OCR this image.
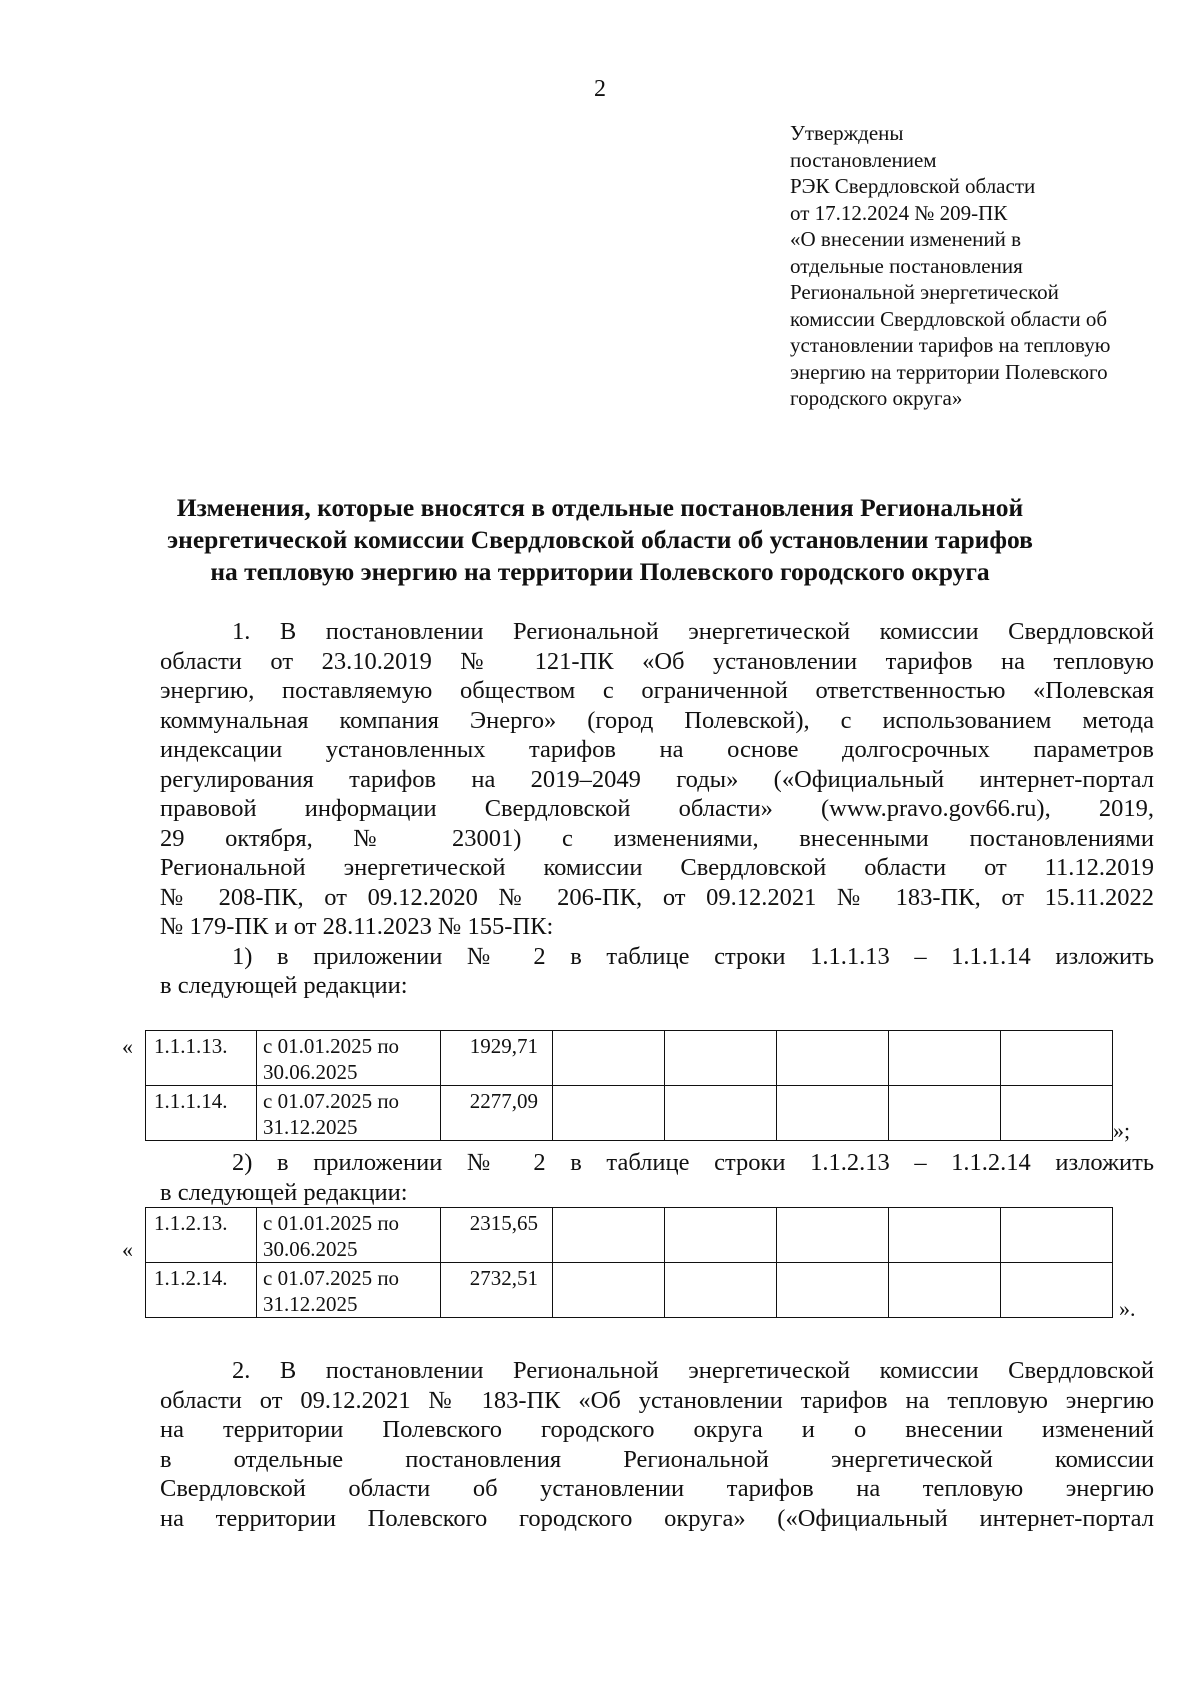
2
Утверждены
постановлением
РЭК Свердловской области
от 17.12.2024 № 209-ПК
«О внесении изменений в
отдельные постановления
Региональной энергетической
комиссии Свердловской области об
установлении тарифов на тепловую
энергию на территории Полевского
городского округа»
Изменения, которые вносятся в отдельные постановления Региональной
энергетической комиссии Свердловской области об установлении тарифов
на тепловую энергию на территории Полевского городского округа
1. В постановлении Региональной энергетической комиссии Свердловской
области от 23.10.2019 № 121-ПК «Об установлении тарифов на тепловую
энергию, поставляемую обществом с ограниченной ответственностью «Полевская
коммунальная компания Энерго» (город Полевской), с использованием метода
индексации установленных тарифов на основе долгосрочных параметров
регулирования тарифов на 2019–2049 годы» («Официальный интернет-портал
правовой информации Свердловской области» (www.pravo.gov66.ru), 2019,
29 октября, № 23001) с изменениями, внесенными постановлениями
Региональной энергетической комиссии Свердловской области от 11.12.2019
№ 208-ПК, от 09.12.2020 № 206-ПК, от 09.12.2021 № 183-ПК, от 15.11.2022
№ 179-ПК и от 28.11.2023 № 155-ПК:
1) в приложении № 2 в таблице строки 1.1.1.13 – 1.1.1.14 изложить
в следующей редакции:
« 1.1.1.13.	с 01.01.2025 по
30.06.2025	1929,71					
1.1.1.14.	с 01.07.2025 по
31.12.2025	2277,09					
»;
2) в приложении № 2 в таблице строки 1.1.2.13 – 1.1.2.14 изложить
в следующей редакции:
«
1.1.2.13.	с 01.01.2025 по
30.06.2025	2315,65					
1.1.2.14.	с 01.07.2025 по
31.12.2025	2732,51					
».
2. В постановлении Региональной энергетической комиссии Свердловской
области от 09.12.2021 № 183-ПК «Об установлении тарифов на тепловую энергию
на территории Полевского городского округа и о внесении изменений
в отдельные постановления Региональной энергетической комиссии
Свердловской области об установлении тарифов на тепловую энергию
на территории Полевского городского округа» («Официальный интернет-портал
